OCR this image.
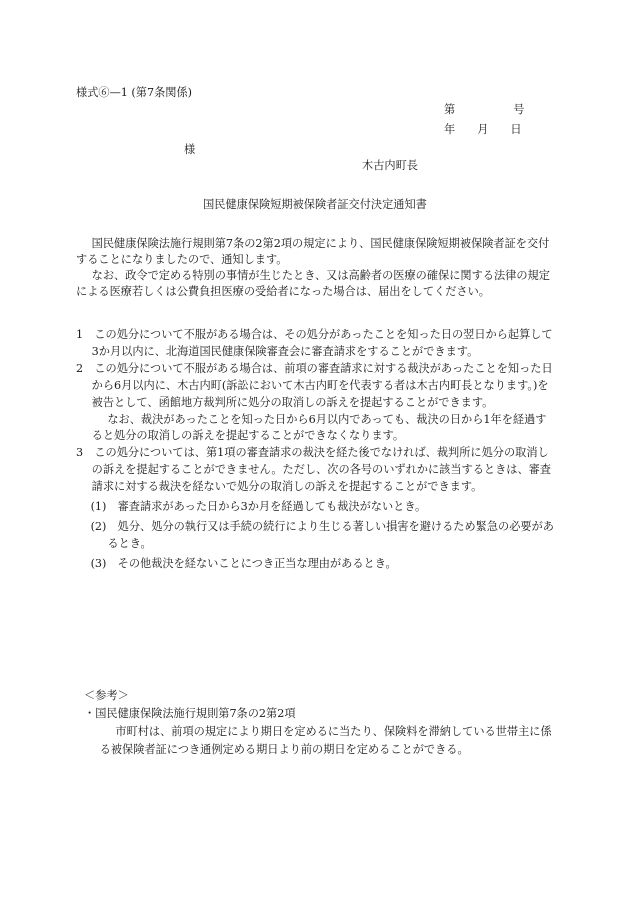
様式⑥—1 (第7条関係)
第	号
年 月 日
様
木古内町長
国民健康保険短期被保険者証交付決定通知書

国民健康保険法施行規則第7条の2第2項の規定により、国民健康保険短期被保険者証を交付することになりましたので、通知します。

なお、政令で定める特別の事情が生じたとき、又は高齢者の医療の確保に関する法律の規定による医療若しくは公費負担医療の受給者になった場合は、届出をしてください。

1　 この処分について不服がある場合は、その処分があったことを知った日の翌日から起算して3か月以内に、北海道国民健康保険審査会に審査請求をすることができます。

2　 この処分について不服がある場合は、前項の審査請求に対する裁決があったことを知った日から6月以内に、木古内町(訴訟において木古内町を代表する者は木古内町長となります。)を被告として、函館地方裁判所に処分の取消しの訴えを提起することができます。

なお、裁決があったことを知った日から6月以内であっても、裁決の日から1年を経過すると処分の取消しの訴えを提起することができなくなります。

3　 この処分については、第1項の審査請求の裁決を経た後でなければ、裁判所に処分の取消しの訴えを提起することができません。ただし、次の各号のいずれかに該当するときは、審査請求に対する裁決を経ないで処分の取消しの訴えを提起することができます。

(1)　 審査請求があった日から3か月を経過しても裁決がないとき。

(2)　 処分、処分の執行又は手続の続行により生じる著しい損害を避けるため緊急の必要があるとき。

(3)　 その他裁決を経ないことにつき正当な理由があるとき。

＜参考＞

・国民健康保険法施行規則第7条の2第2項

市町村は、前項の規定により期日を定めるに当たり、保険料を滞納している世帯主に係る被保険者証につき通例定める期日より前の期日を定めることができる。
